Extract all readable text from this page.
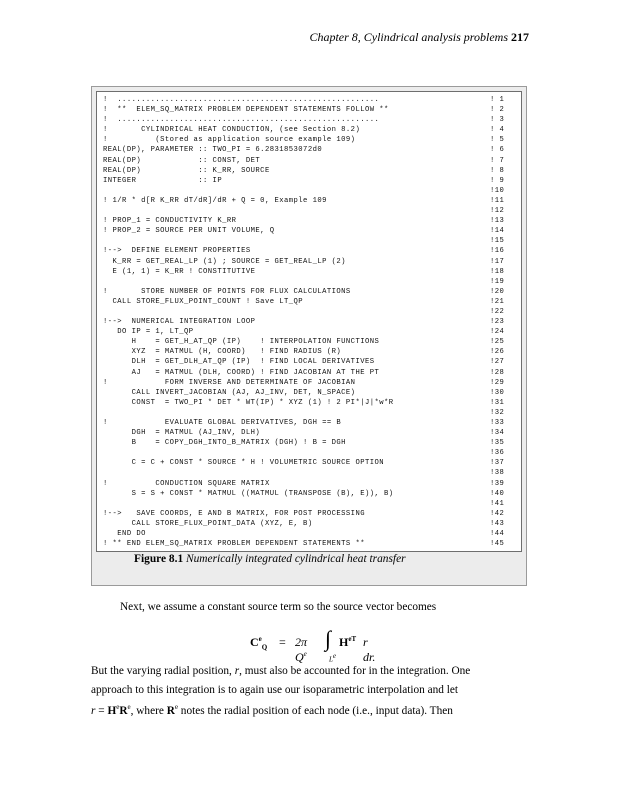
Chapter 8, Cylindrical analysis problems 217
!  .......................................................	! 1
!  **  ELEM_SQ_MATRIX PROBLEM DEPENDENT STATEMENTS FOLLOW **	! 2
!  .......................................................	! 3
!       CYLINDRICAL HEAT CONDUCTION, (see Section 8.2)	! 4
!          (Stored as application source example 109)	! 5
REAL(DP), PARAMETER :: TWO_PI = 6.2831853072d0	! 6
REAL(DP)            :: CONST, DET	! 7
REAL(DP)            :: K_RR, SOURCE	! 8
INTEGER             :: IP	! 9
!10
! 1/R * d[R K_RR dT/dR]/dR + Q = 0, Example 109	!11
!12
! PROP_1 = CONDUCTIVITY K_RR	!13
! PROP_2 = SOURCE PER UNIT VOLUME, Q	!14
!15
!-->  DEFINE ELEMENT PROPERTIES	!16
K_RR = GET_REAL_LP (1) ; SOURCE = GET_REAL_LP (2)	!17
E (1, 1) = K_RR ! CONSTITUTIVE	!18
!19
!       STORE NUMBER OF POINTS FOR FLUX CALCULATIONS	!20
CALL STORE_FLUX_POINT_COUNT ! Save LT_QP	!21
!22
!-->  NUMERICAL INTEGRATION LOOP	!23
DO IP = 1, LT_QP	!24
H    = GET_H_AT_QP (IP)    ! INTERPOLATION FUNCTIONS	!25
XYZ  = MATMUL (H, COORD)   ! FIND RADIUS (R)	!26
DLH  = GET_DLH_AT_QP (IP)  ! FIND LOCAL DERIVATIVES	!27
AJ   = MATMUL (DLH, COORD) ! FIND JACOBIAN AT THE PT	!28
!            FORM INVERSE AND DETERMINATE OF JACOBIAN	!29
CALL INVERT_JACOBIAN (AJ, AJ_INV, DET, N_SPACE)	!30
CONST  = TWO_PI * DET * WT(IP) * XYZ (1) ! 2 PI*|J|*w*R	!31
!32
!            EVALUATE GLOBAL DERIVATIVES, DGH == B	!33
DGH  = MATMUL (AJ_INV, DLH)	!34
B    = COPY_DGH_INTO_B_MATRIX (DGH) ! B = DGH	!35
!36
C = C + CONST * SOURCE * H ! VOLUMETRIC SOURCE OPTION	!37
!38
!          CONDUCTION SQUARE MATRIX	!39
S = S + CONST * MATMUL ((MATMUL (TRANSPOSE (B), E)), B)	!40
!41
!-->   SAVE COORDS, E AND B MATRIX, FOR POST PROCESSING	!42
CALL STORE_FLUX_POINT_DATA (XYZ, E, B)	!43
END DO	!44
! ** END ELEM_SQ_MATRIX PROBLEM DEPENDENT STATEMENTS **	!45
Figure 8.1 Numerically integrated cylindrical heat transfer
Next, we assume a constant source term so the source vector becomes
$C^e_Q = 2\pi$ $Q^e$
∫
Le
$H^{eT}$ r dr.
But the varying radial position, r, must also be accounted for in the integration. One
approach to this integration is to again use our isoparametric interpolation and let
$r = H^eR^e$, where $R^e$ notes the radial position of each node (i.e., input data). Then
